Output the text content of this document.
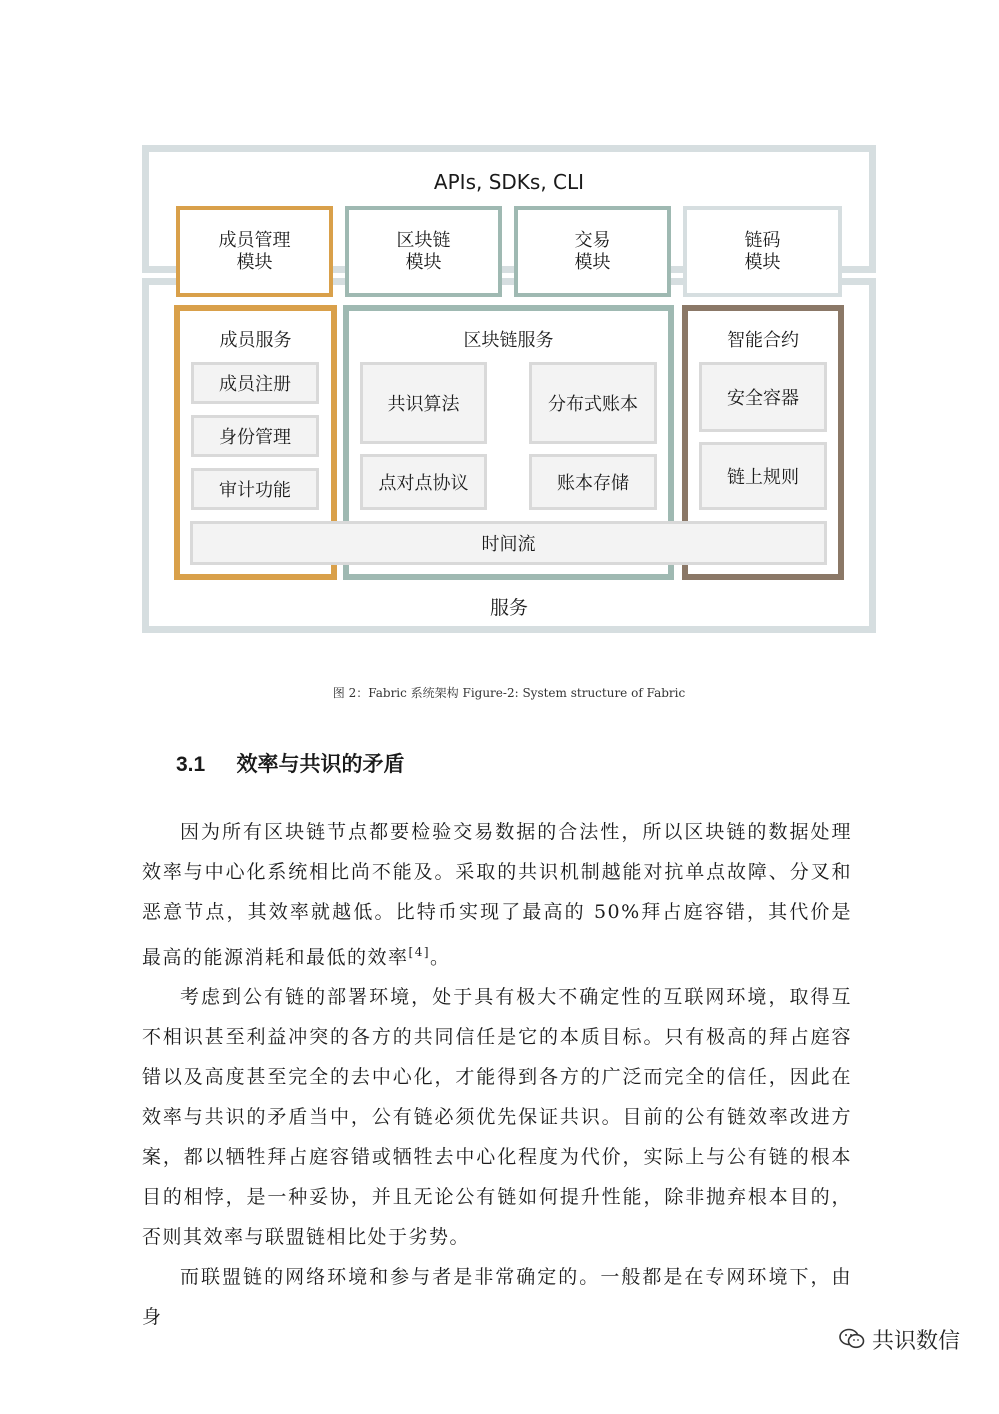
APIs, SDKs, CLI
成员管理
模块
区块链
模块
交易
模块
链码
模块
成员服务
成员注册
身份管理
审计功能
区块链服务
共识算法	分布式账本
点对点协议	账本存储
智能合约
安全容器
链上规则
时间流
服务
图 2：Fabric 系统架构 Figure-2: System structure of Fabric
3.1 效率与共识的矛盾

因为所有区块链节点都要检验交易数据的合法性，所以区块链的数据处理效率与中心化系统相比尚不能及。采取的共识机制越能对抗单点故障、分叉和恶意节点，其效率就越低。比特币实现了最高的 50%拜占庭容错，其代价是最高的能源消耗和最低的效率[4]。

考虑到公有链的部署环境，处于具有极大不确定性的互联网环境，取得互不相识甚至利益冲突的各方的共同信任是它的本质目标。只有极高的拜占庭容错以及高度甚至完全的去中心化，才能得到各方的广泛而完全的信任，因此在效率与共识的矛盾当中，公有链必须优先保证共识。目前的公有链效率改进方案，都以牺牲拜占庭容错或牺牲去中心化程度为代价，实际上与公有链的根本目的相悖，是一种妥协，并且无论公有链如何提升性能，除非抛弃根本目的，否则其效率与联盟链相比处于劣势。

而联盟链的网络环境和参与者是非常确定的。一般都是在专网环境下，由身

共识数信
